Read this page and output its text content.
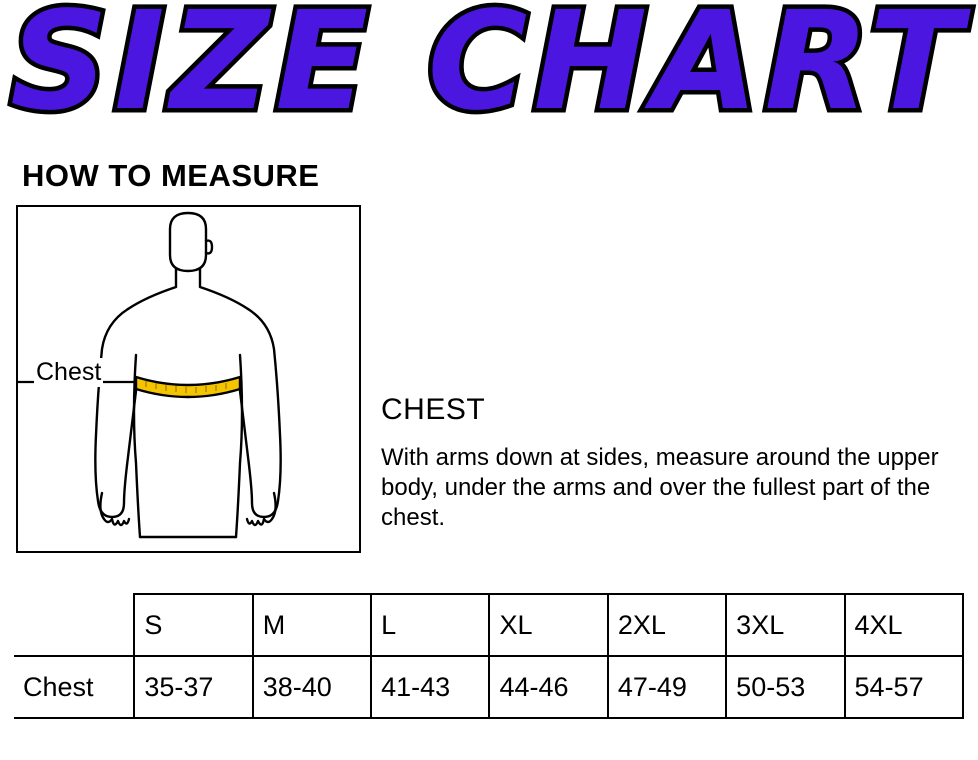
SIZE CHART
HOW TO MEASURE
Chest
CHEST

With arms down at sides, measure around the upper body, under the arms and over the fullest part of the chest.

	S	M	L	XL	2XL	3XL	4XL
Chest	35-37	38-40	41-43	44-46	47-49	50-53	54-57
